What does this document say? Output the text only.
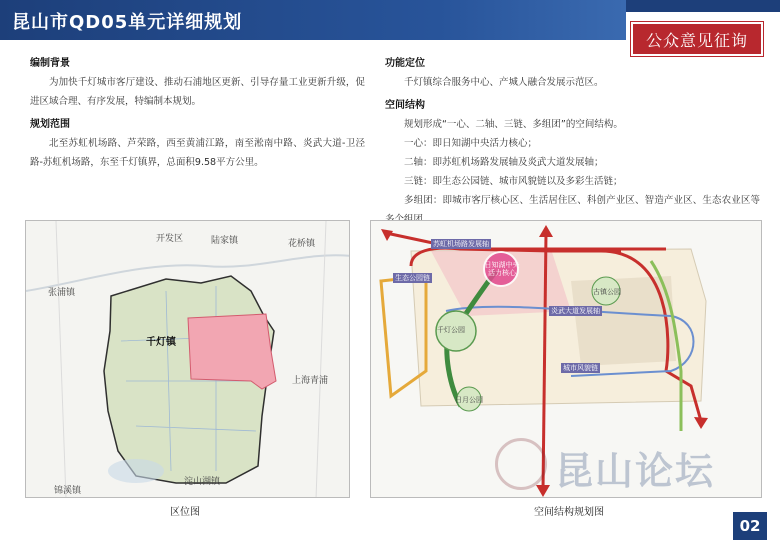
昆山市QD05单元详细规划
公众意见征询
编制背景
为加快千灯城市客厅建设、推动石浦地区更新、引导存量工业更新升级，促进区域合理、有序发展，特编制本规划。
规划范围
北至苏虹机场路、芦荣路，西至黄浦江路，南至淞南中路、炎武大道-卫泾路-苏虹机场路，东至千灯镇界，总面积9.58平方公里。
功能定位
千灯镇综合服务中心、产城人融合发展示范区。
空间结构
规划形成“一心、二轴、三链、多组团”的空间结构。
一心：即日知湖中央活力核心；
二轴：即苏虹机场路发展轴及炎武大道发展轴；
三链：即生态公园链、城市风貌链以及多彩生活链；
多组团：即城市客厅核心区、生活居住区、科创产业区、智造产业区、生态农业区等
开发区	陆家镇	花桥镇
张浦镇
千灯镇
上海青浦
淀山湖镇
锦溪镇
区位图
日知湖中央活力核心
千灯公园
古镇公园
日月公园
苏虹机场路发展轴
炎武大道发展轴
生态公园链
城市风貌链
空间结构规划图
昆山论坛
02
